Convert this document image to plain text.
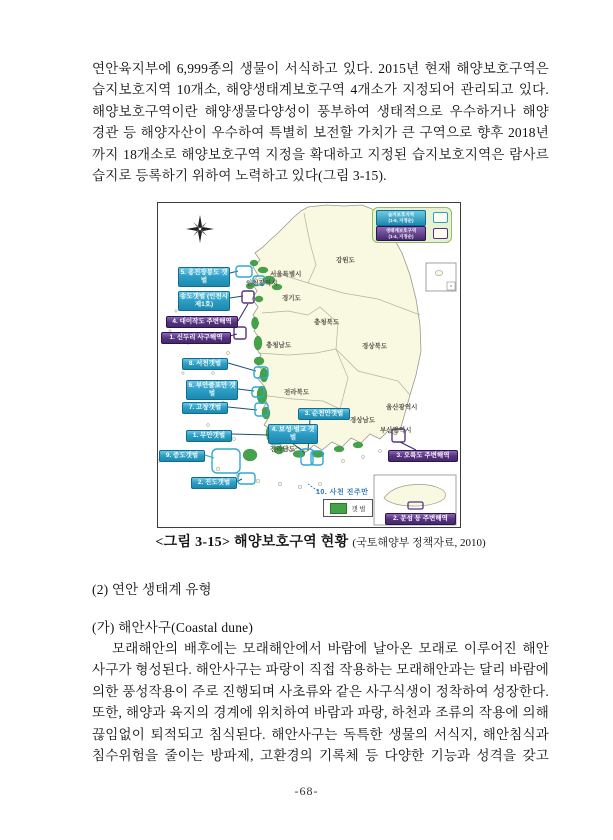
연안육지부에 6,999종의 생물이 서식하고 있다. 2015년 현재 해양보호구역은
습지보호지역 10개소, 해양생태계보호구역 4개소가 지정되어 관리되고 있다.
해양보호구역이란 해양생물다양성이 풍부하여 생태적으로 우수하거나 해양
경관 등 해양자산이 우수하여 특별히 보전할 가치가 큰 구역으로 향후 2018년
까지 18개소로 해양보호구역 지정을 확대하고 지정된 습지보호지역은 람사르
습지로 등록하기 위하여 노력하고 있다(그림 3-15).
습지보호지역
(1-9, 지정순)
생태계보호구역
(1-4, 지정순)
서울특별시
인천광역시
경기도
강원도
충청북도
충청남도	경상북도
전라북도
경상남도
전라남도
울산광역시
부산광역시
5. 옹진장봉도 갯벌
송도갯벌 (인천시 제1호)
8. 서천갯벌
6. 부안줄포만 갯벌
7. 고창갯벌
1. 무안갯벌
9. 증도갯벌
2. 진도갯벌
3. 순천만갯벌
4. 보성·벌교 갯벌
4. 대이작도 주변해역
1. 신두리 사구해역
3. 오륙도 주변해역
2. 문섬 등 주변해역
10. 사천 진주만
갯 벌
<그림 3-15> 해양보호구역 현황 (국토해양부 정책자료, 2010)
(2) 연안 생태계 유형
(가) 해안사구(Coastal dune)
모래해안의 배후에는 모래해안에서 바람에 날아온 모래로 이루어진 해안
사구가 형성된다. 해안사구는 파랑이 직접 작용하는 모래해안과는 달리 바람에
의한 풍성작용이 주로 진행되며 사초류와 같은 사구식생이 정착하여 성장한다.
또한, 해양과 육지의 경계에 위치하여 바람과 파랑, 하천과 조류의 작용에 의해
끊임없이 퇴적되고 침식된다. 해안사구는 독특한 생물의 서식지, 해안침식과
침수위험을 줄이는 방파제, 고환경의 기록체 등 다양한 기능과 성격을 갖고
-68-
